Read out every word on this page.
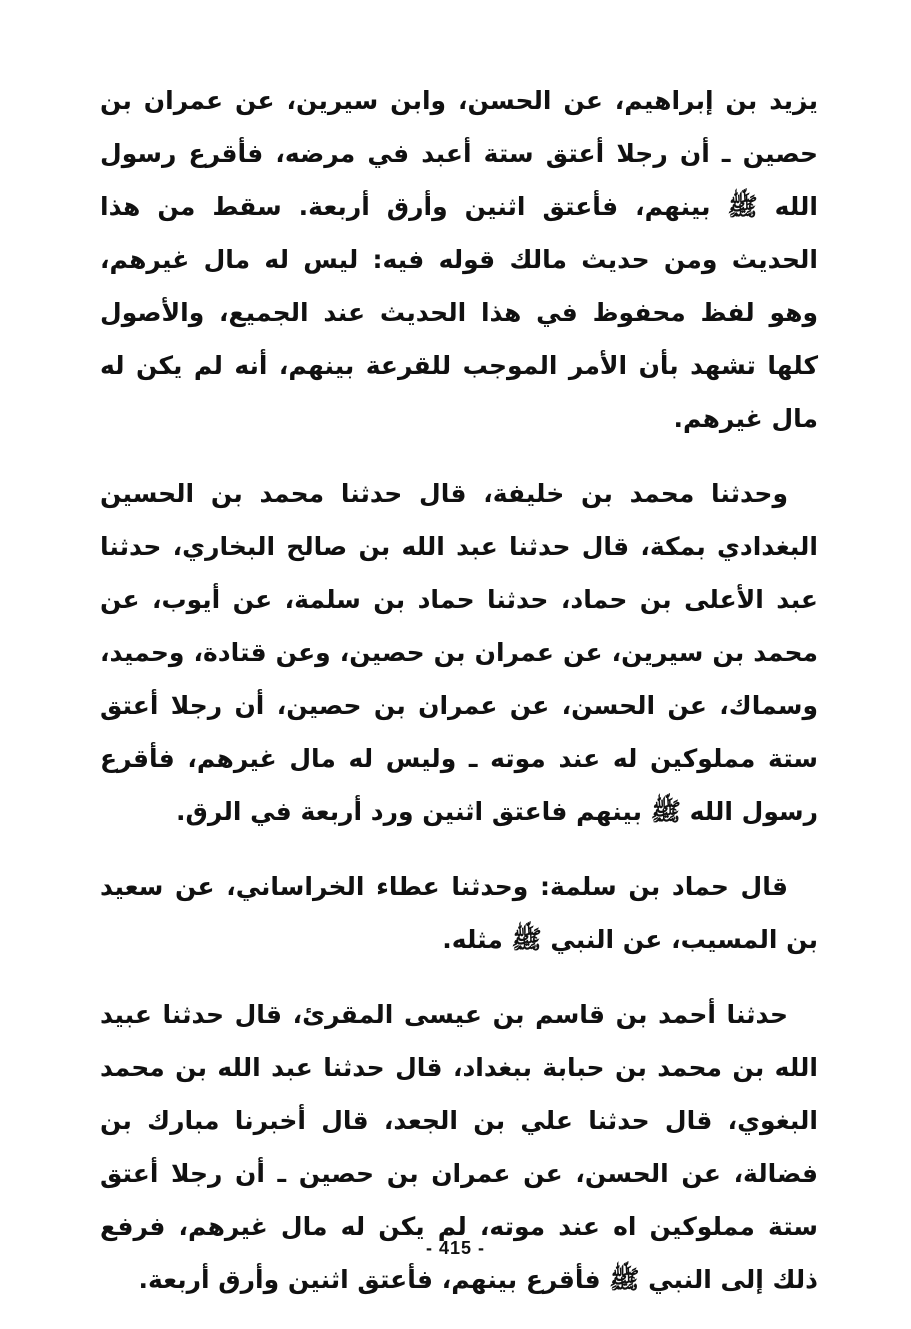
يزيد بن إبراهيم، عن الحسن، وابن سيرين، عن عمران بن حصين ـ أن رجلا أعتق ستة أعبد في مرضه، فأقرع رسول الله ﷺ بينهم، فأعتق اثنين وأرق أربعة. سقط من هذا الحديث ومن حديث مالك قوله فيه: ليس له مال غيرهم، وهو لفظ محفوظ في هذا الحديث عند الجميع، والأصول كلها تشهد بأن الأمر الموجب للقرعة بينهم، أنه لم يكن له مال غيرهم.

وحدثنا محمد بن خليفة، قال حدثنا محمد بن الحسين البغدادي بمكة، قال حدثنا عبد الله بن صالح البخاري، حدثنا عبد الأعلى بن حماد، حدثنا حماد بن سلمة، عن أيوب، عن محمد بن سيرين، عن عمران بن حصين، وعن قتادة، وحميد، وسماك، عن الحسن، عن عمران بن حصين، أن رجلا أعتق ستة مملوكين له عند موته ـ وليس له مال غيرهم، فأقرع رسول الله ﷺ بينهم فاعتق اثنين ورد أربعة في الرق.

قال حماد بن سلمة: وحدثنا عطاء الخراساني، عن سعيد بن المسيب، عن النبي ﷺ مثله.

حدثنا أحمد بن قاسم بن عيسى المقرئ، قال حدثنا عبيد الله بن محمد بن حبابة ببغداد، قال حدثنا عبد الله بن محمد البغوي، قال حدثنا علي بن الجعد، قال أخبرنا مبارك بن فضالة، عن الحسن، عن عمران بن حصين ـ أن رجلا أعتق ستة مملوكين اه عند موته، لم يكن له مال غيرهم، فرفع ذلك إلى النبي ﷺ فأقرع بينهم، فأعتق اثنين وأرق أربعة.

- 415 -
